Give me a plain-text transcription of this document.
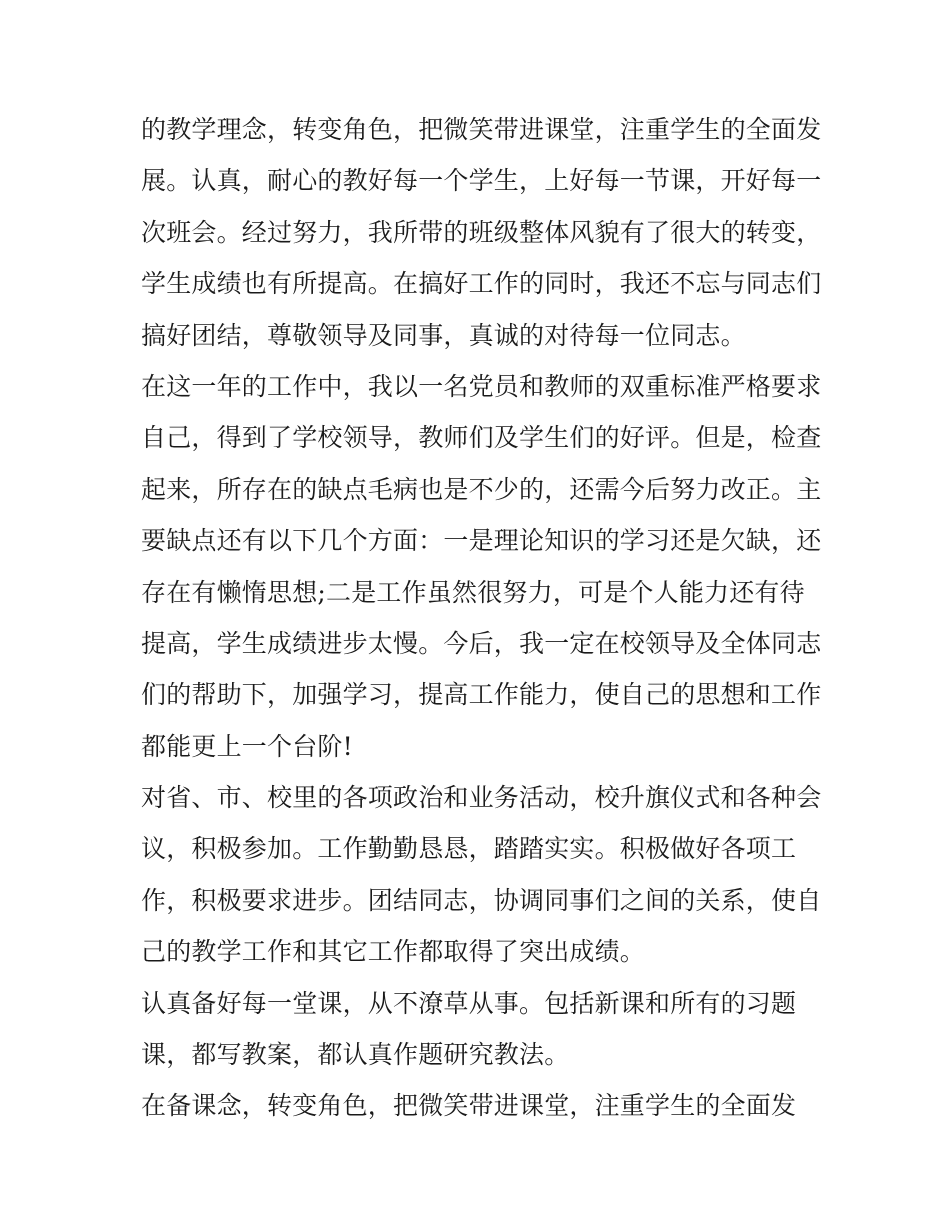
的教学理念，转变角色，把微笑带进课堂，注重学生的全面发
展。认真，耐心的教好每一个学生，上好每一节课，开好每一
次班会。经过努力，我所带的班级整体风貌有了很大的转变，
学生成绩也有所提高。在搞好工作的同时，我还不忘与同志们
搞好团结，尊敬领导及同事，真诚的对待每一位同志。
在这一年的工作中，我以一名党员和教师的双重标准严格要求
自己，得到了学校领导，教师们及学生们的好评。但是，检查
起来，所存在的缺点毛病也是不少的，还需今后努力改正。主
要缺点还有以下几个方面：一是理论知识的学习还是欠缺，还
存在有懒惰思想;二是工作虽然很努力，可是个人能力还有待
提高，学生成绩进步太慢。今后，我一定在校领导及全体同志
们的帮助下，加强学习，提高工作能力，使自己的思想和工作
都能更上一个台阶!
对省、市、校里的各项政治和业务活动，校升旗仪式和各种会
议，积极参加。工作勤勤恳恳，踏踏实实。积极做好各项工
作，积极要求进步。团结同志，协调同事们之间的关系，使自
己的教学工作和其它工作都取得了突出成绩。
认真备好每一堂课，从不潦草从事。包括新课和所有的习题
课，都写教案，都认真作题研究教法。
在备课念，转变角色，把微笑带进课堂，注重学生的全面发
